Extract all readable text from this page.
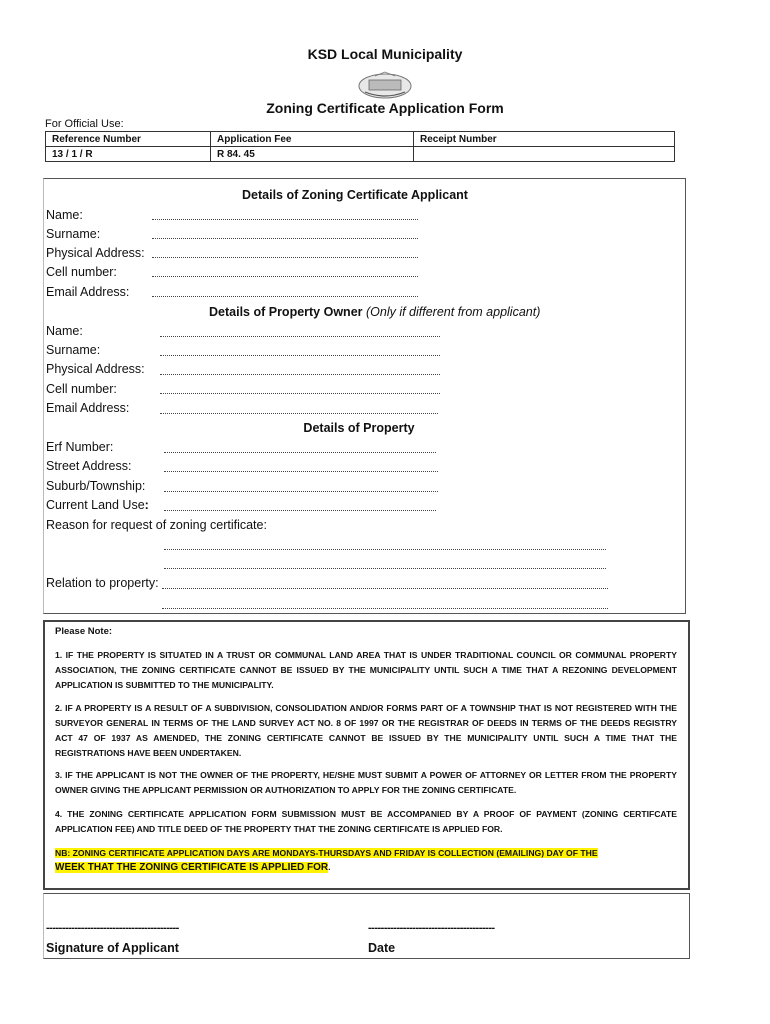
KSD Local Municipality
Zoning Certificate Application Form
For Official Use:
Reference Number	Application Fee	Receipt Number
13 / 1 / R	R 84. 45	
Details of Zoning Certificate Applicant
Name:
Surname:
Physical Address:
Cell number:
Email Address:
Details of Property Owner (Only if different from applicant)
Name:
Surname:
Physical Address:
Cell number:
Email Address:
Details of Property
Erf Number:
Street Address:
Suburb/Township:
Current Land Use:
Reason for request of zoning certificate:
Relation to property:
Please Note:
1. IF THE PROPERTY IS SITUATED IN A TRUST OR COMMUNAL LAND AREA THAT IS UNDER TRADITIONAL COUNCIL OR COMMUNAL PROPERTY ASSOCIATION, THE ZONING CERTIFICATE CANNOT BE ISSUED BY THE MUNICIPALITY UNTIL SUCH A TIME THAT A REZONING DEVELOPMENT APPLICATION IS SUBMITTED TO THE MUNICIPALITY.
2. IF A PROPERTY IS A RESULT OF A SUBDIVISION, CONSOLIDATION AND/OR FORMS PART OF A TOWNSHIP THAT IS NOT REGISTERED WITH THE SURVEYOR GENERAL IN TERMS OF THE LAND SURVEY ACT NO. 8 OF 1997 OR THE REGISTRAR OF DEEDS IN TERMS OF THE DEEDS REGISTRY ACT 47 OF 1937 AS AMENDED, THE ZONING CERTIFICATE CANNOT BE ISSUED BY THE MUNICIPALITY UNTIL SUCH A TIME THAT THE REGISTRATIONS HAVE BEEN UNDERTAKEN.
3. IF THE APPLICANT IS NOT THE OWNER OF THE PROPERTY, HE/SHE MUST SUBMIT A POWER OF ATTORNEY OR LETTER FROM THE PROPERTY OWNER GIVING THE APPLICANT PERMISSION OR AUTHORIZATION TO APPLY FOR THE ZONING CERTIFICATE.
4. THE ZONING CERTIFICATE APPLICATION FORM SUBMISSION MUST BE ACCOMPANIED BY A PROOF OF PAYMENT (ZONING CERTIFCATE APPLICATION FEE) AND TITLE DEED OF THE PROPERTY THAT THE ZONING CERTIFICATE IS APPLIED FOR.
NB: ZONING CERTIFICATE APPLICATION DAYS ARE MONDAYS-THURSDAYS AND FRIDAY IS COLLECTION (EMAILING) DAY OF THE
WEEK THAT THE ZONING CERTIFICATE IS APPLIED FOR.
------------------------------------------	----------------------------------------
Signature of Applicant	Date
